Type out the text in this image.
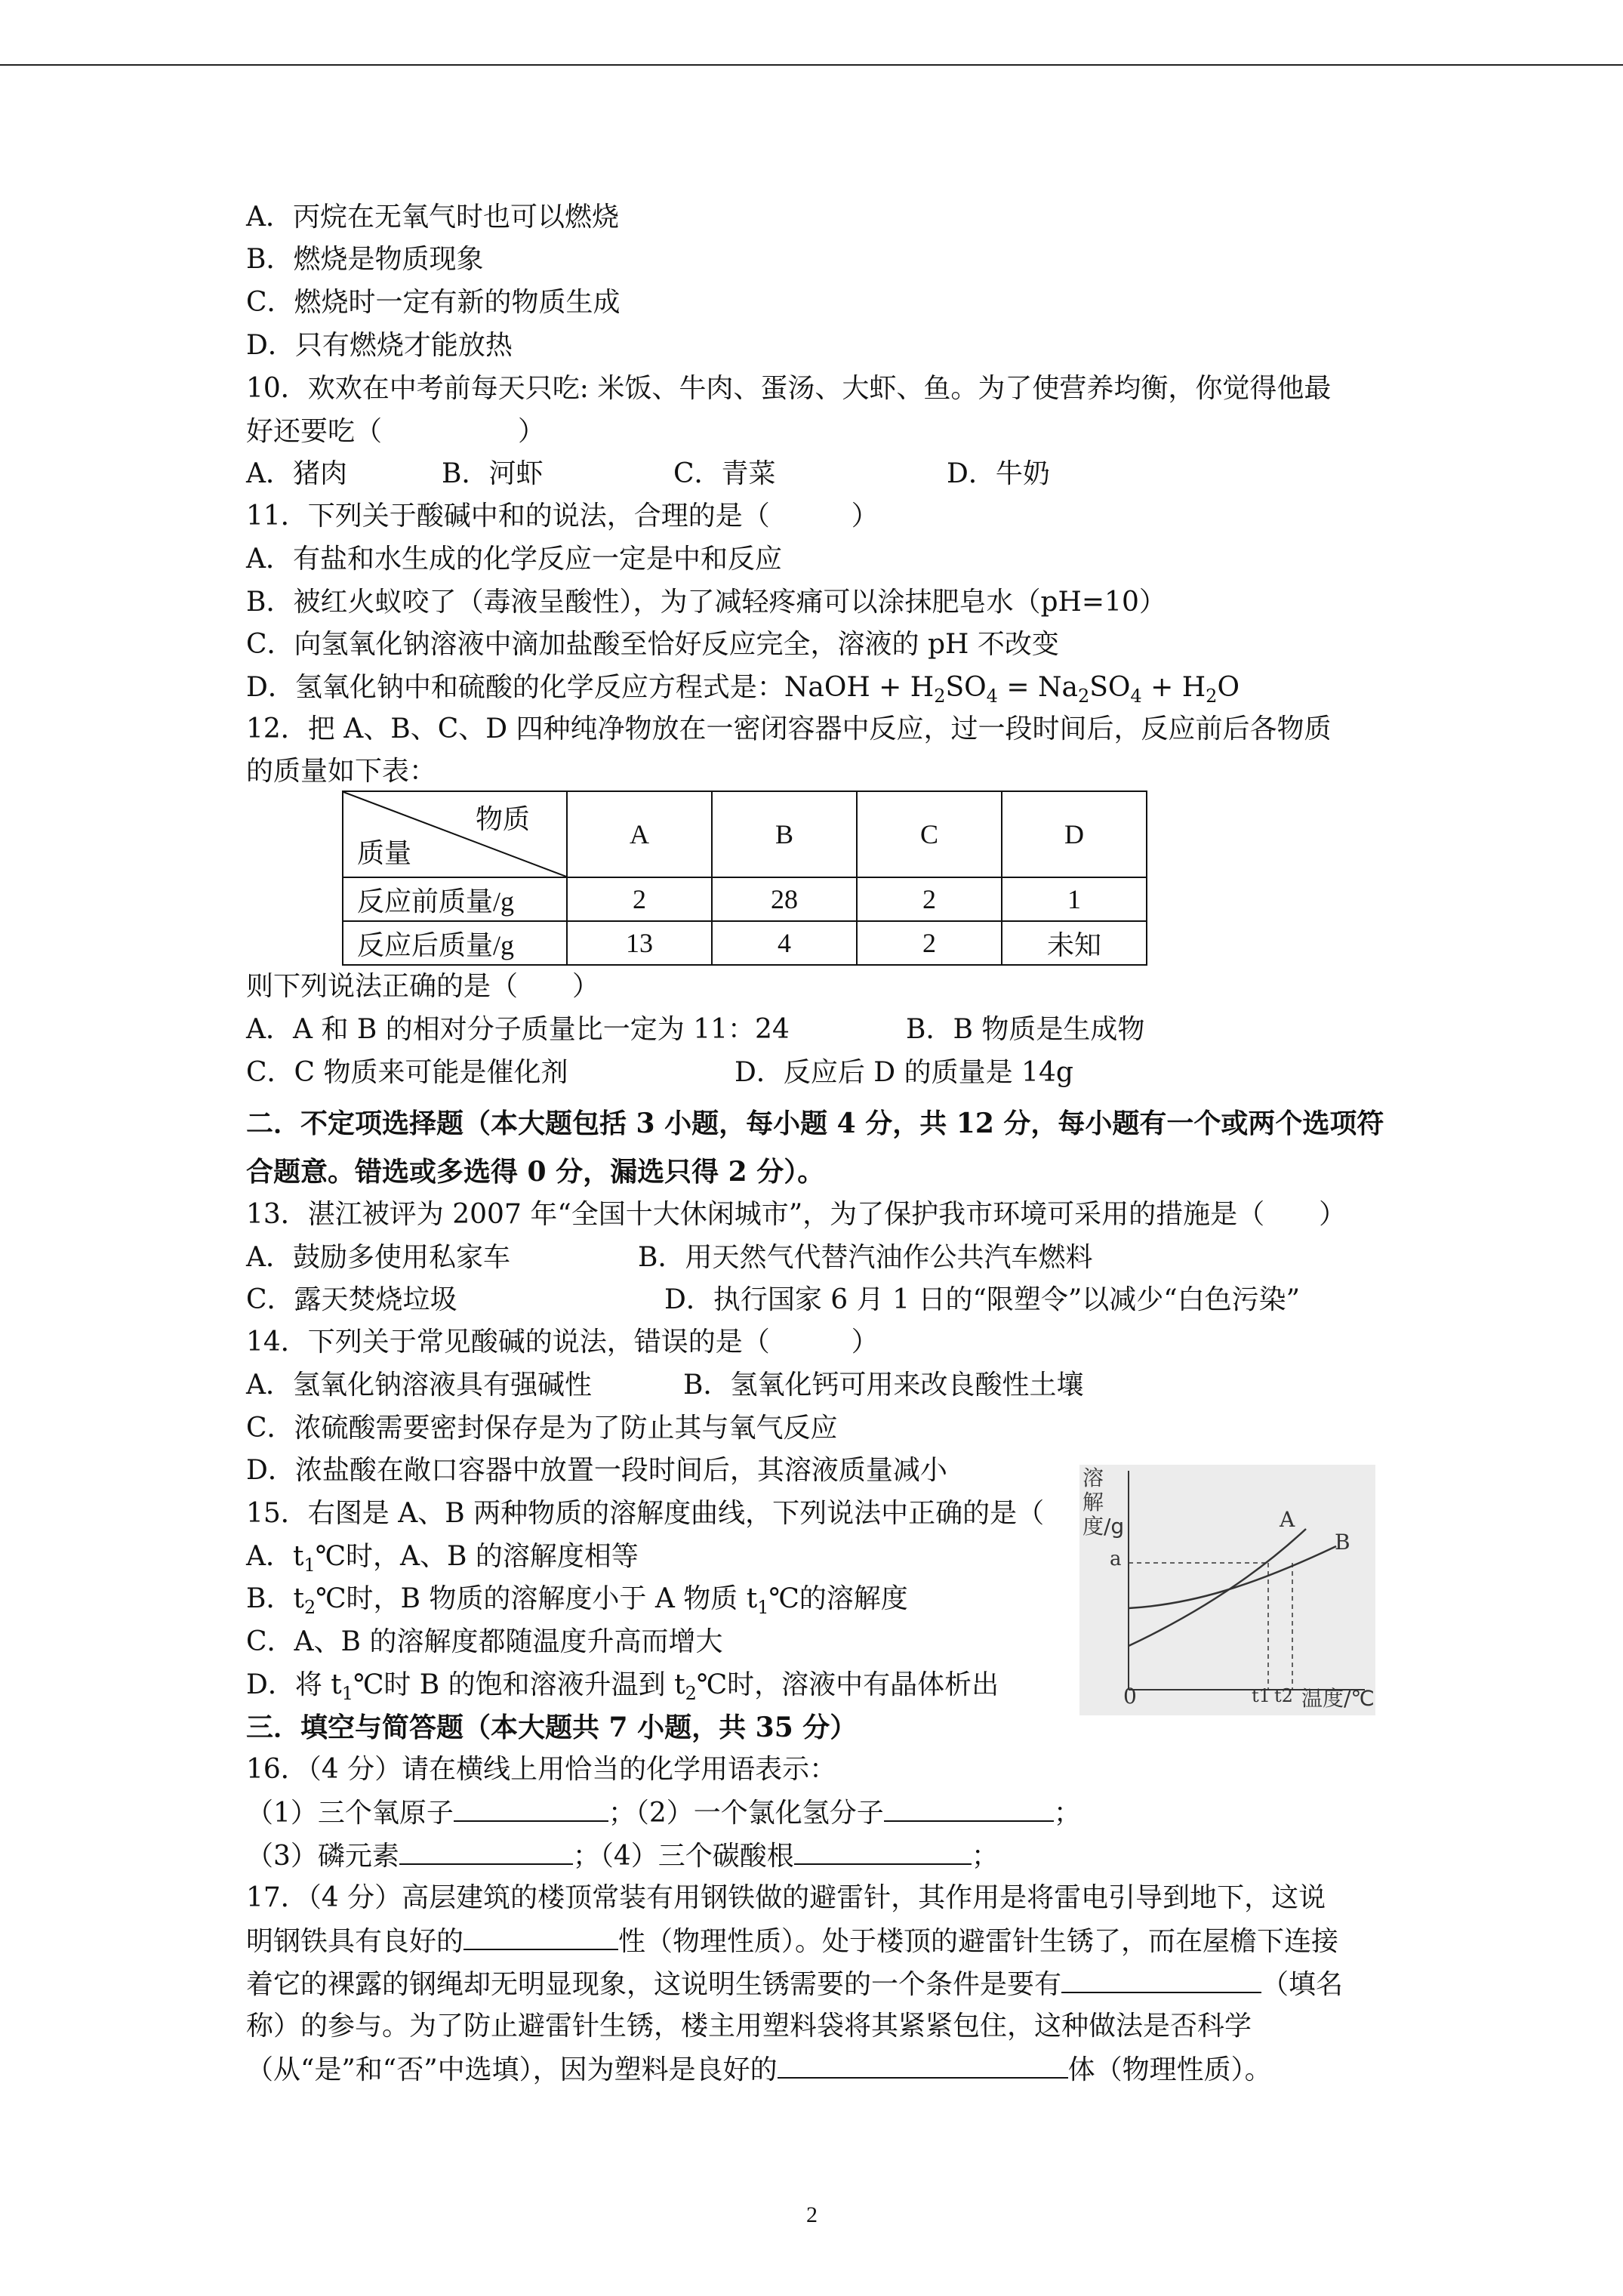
A．丙烷在无氧气时也可以燃烧
B．燃烧是物质现象
C．燃烧时一定有新的物质生成
D．只有燃烧才能放热
10．欢欢在中考前每天只吃: 米饭、牛肉、蛋汤、大虾、鱼。为了使营养均衡，你觉得他最
好还要吃（　　　　　）
A．猪肉	B．河虾	C．青菜	D．牛奶
11．下列关于酸碱中和的说法，合理的是（　　　）
A．有盐和水生成的化学反应一定是中和反应
B．被红火蚁咬了（毒液呈酸性），为了减轻疼痛可以涂抹肥皂水（pH=10）
C．向氢氧化钠溶液中滴加盐酸至恰好反应完全，溶液的 pH 不改变
D．氢氧化钠中和硫酸的化学反应方程式是：NaOH + $H_2SO_4 = Na_2SO_4 + H_2O$
12．把 A、B、C、D 四种纯净物放在一密闭容器中反应，过一段时间后，反应前后各物质
的质量如下表：
物质
质量	A	B	C	D
反应前质量/g	2	28	2	1
反应后质量/g	13	4	2	未知
则下列说法正确的是（　　）
A．A 和 B 的相对分子质量比一定为 11：24	B．B 物质是生成物
C．C 物质来可能是催化剂	D．反应后 D 的质量是 14g
二．不定项选择题（本大题包括 3 小题，每小题 4 分，共 12 分，每小题有一个或两个选项符
合题意。错选或多选得 0 分，漏选只得 2 分）。
13．湛江被评为 2007 年“全国十大休闲城市”，为了保护我市环境可采用的措施是（　　）
A．鼓励多使用私家车	B．用天然气代替汽油作公共汽车燃料
C．露天焚烧垃圾	D．执行国家 6 月 1 日的“限塑令”以减少“白色污染”
14．下列关于常见酸碱的说法，错误的是（　　　）
A．氢氧化钠溶液具有强碱性	B．氢氧化钙可用来改良酸性土壤
C．浓硫酸需要密封保存是为了防止其与氧气反应
D．浓盐酸在敞口容器中放置一段时间后，其溶液质量减小
15．右图是 A、B 两种物质的溶解度曲线，下列说法中正确的是（
A．$t_1℃$时，A、B 的溶解度相等
B．$t_2℃$时，B 物质的溶解度小于 A 物质 $t_1℃$的溶解度
C．A、B 的溶解度都随温度升高而增大
D．将 $t_1℃$时 B 的饱和溶液升温到 $t_2℃$时，溶液中有晶体析出
溶解度/g
a
A
B
0	t1 t2 温度/℃
三．填空与简答题（本大题共 7 小题，共 35 分）
16．（4 分）请在横线上用恰当的化学用语表示：
（1）三个氧原子	；（2）一个氯化氢分子	；
（3）磷元素	；（4）三个碳酸根	；
17．（4 分）高层建筑的楼顶常装有用钢铁做的避雷针，其作用是将雷电引导到地下，这说
明钢铁具有良好的	性（物理性质）。处于楼顶的避雷针生锈了，而在屋檐下连接
着它的裸露的钢绳却无明显现象，这说明生锈需要的一个条件是要有	（填名
称）的参与。为了防止避雷针生锈，楼主用塑料袋将其紧紧包住，这种做法是否科学
（从“是”和“否”中选填），因为塑料是良好的	体（物理性质）。
2
